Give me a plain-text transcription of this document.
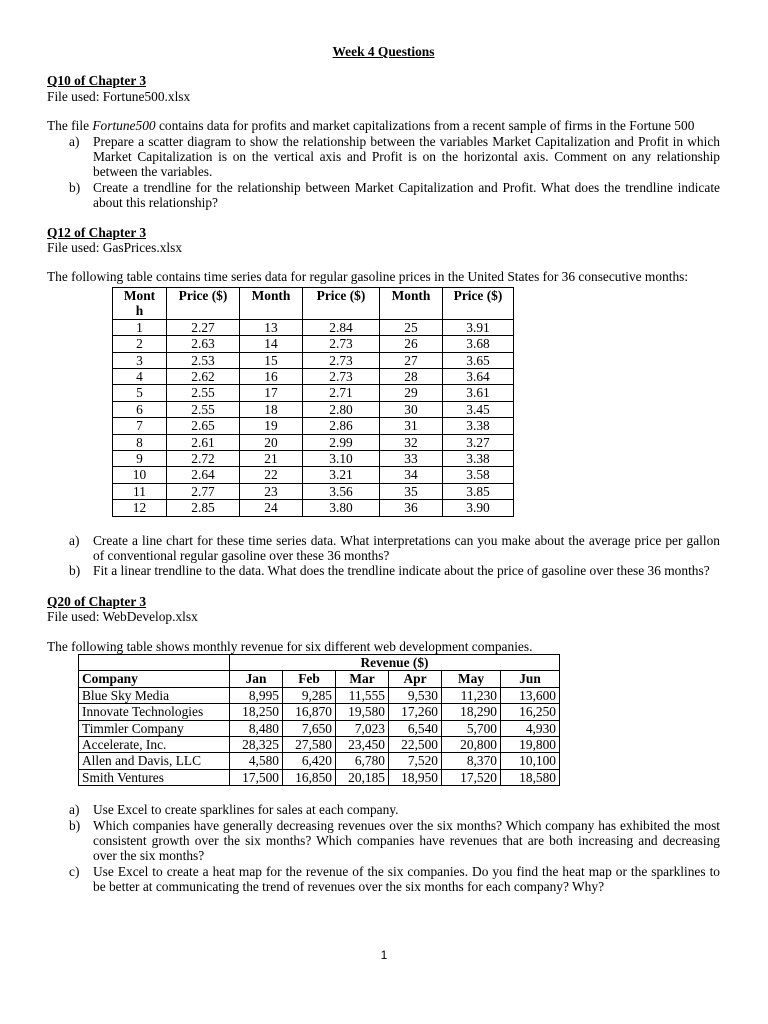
Week 4 Questions
Q10 of Chapter 3
File used: Fortune500.xlsx
The file Fortune500 contains data for profits and market capitalizations from a recent sample of firms in the Fortune 500
a) Prepare a scatter diagram to show the relationship between the variables Market Capitalization and Profit in which Market Capitalization is on the vertical axis and Profit is on the horizontal axis. Comment on any relationship between the variables.
b) Create a trendline for the relationship between Market Capitalization and Profit. What does the trendline indicate about this relationship?
Q12 of Chapter 3
File used: GasPrices.xlsx
The following table contains time series data for regular gasoline prices in the United States for 36 consecutive months:
Month	Price ($)	Month	Price ($)	Month	Price ($)
1	2.27	13	2.84	25	3.91
2	2.63	14	2.73	26	3.68
3	2.53	15	2.73	27	3.65
4	2.62	16	2.73	28	3.64
5	2.55	17	2.71	29	3.61
6	2.55	18	2.80	30	3.45
7	2.65	19	2.86	31	3.38
8	2.61	20	2.99	32	3.27
9	2.72	21	3.10	33	3.38
10	2.64	22	3.21	34	3.58
11	2.77	23	3.56	35	3.85
12	2.85	24	3.80	36	3.90
a) Create a line chart for these time series data. What interpretations can you make about the average price per gallon of conventional regular gasoline over these 36 months?
b) Fit a linear trendline to the data. What does the trendline indicate about the price of gasoline over these 36 months?
Q20 of Chapter 3
File used: WebDevelop.xlsx
The following table shows monthly revenue for six different web development companies.
	Revenue ($)					
Company	Jan	Feb	Mar	Apr	May	Jun
Blue Sky Media	8,995	9,285	11,555	9,530	11,230	13,600
Innovate Technologies	18,250	16,870	19,580	17,260	18,290	16,250
Timmler Company	8,480	7,650	7,023	6,540	5,700	4,930
Accelerate, Inc.	28,325	27,580	23,450	22,500	20,800	19,800
Allen and Davis, LLC	4,580	6,420	6,780	7,520	8,370	10,100
Smith Ventures	17,500	16,850	20,185	18,950	17,520	18,580
a) Use Excel to create sparklines for sales at each company.
b) Which companies have generally decreasing revenues over the six months? Which company has exhibited the most consistent growth over the six months? Which companies have revenues that are both increasing and decreasing over the six months?
c) Use Excel to create a heat map for the revenue of the six companies. Do you find the heat map or the sparklines to be better at communicating the trend of revenues over the six months for each company? Why?
1
